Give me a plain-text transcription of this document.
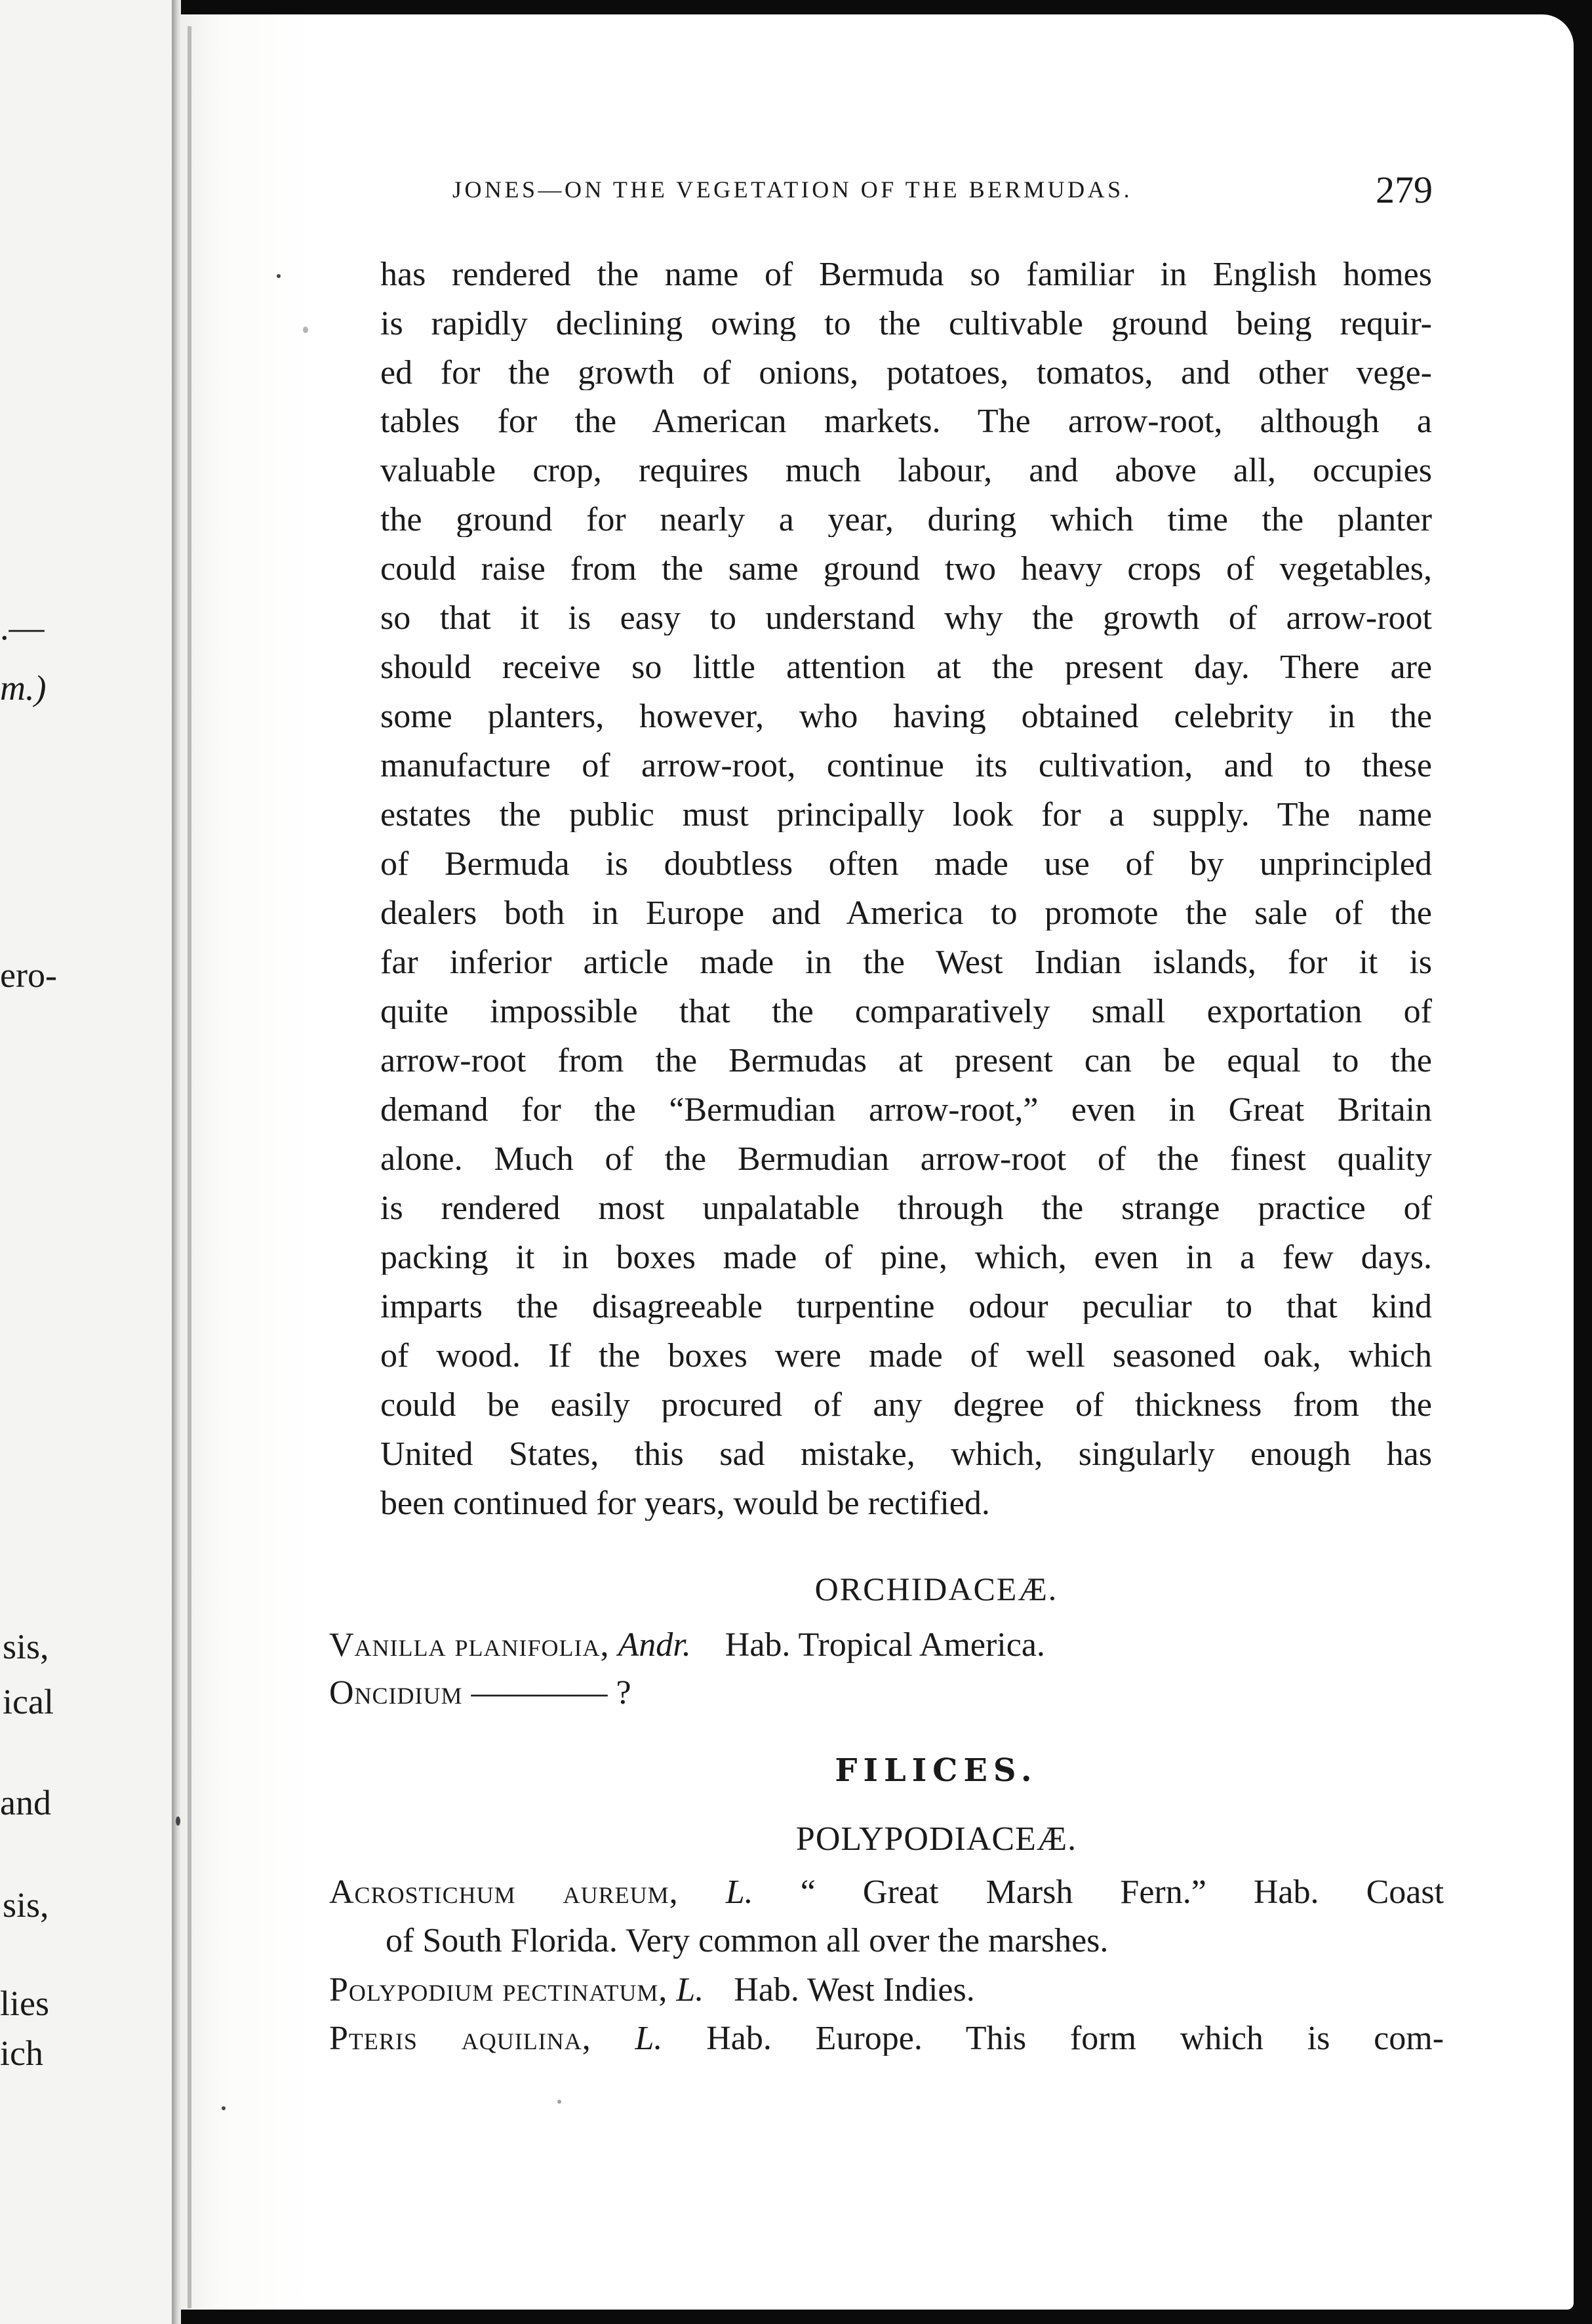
.—
m.)
ero-
sis,
ical
and
sis,
lies
ich
JONES—ON THE VEGETATION OF THE BERMUDAS.	279
has rendered the name of Bermuda so familiar in English homes
is rapidly declining owing to the cultivable ground being requir-
ed for the growth of onions, potatoes, tomatos, and other vege-
tables for the American markets. The arrow-root, although a
valuable crop, requires much labour, and above all, occupies
the ground for nearly a year, during which time the planter
could raise from the same ground two heavy crops of vegetables,
so that it is easy to understand why the growth of arrow-root
should receive so little attention at the present day. There are
some planters, however, who having obtained celebrity in the
manufacture of arrow-root, continue its cultivation, and to these
estates the public must principally look for a supply. The name
of Bermuda is doubtless often made use of by unprincipled
dealers both in Europe and America to promote the sale of the
far inferior article made in the West Indian islands, for it is
quite impossible that the comparatively small exportation of
arrow-root from the Bermudas at present can be equal to the
demand for the “Bermudian arrow-root,” even in Great Britain
alone. Much of the Bermudian arrow-root of the finest quality
is rendered most unpalatable through the strange practice of
packing it in boxes made of pine, which, even in a few days.
imparts the disagreeable turpentine odour peculiar to that kind
of wood. If the boxes were made of well seasoned oak, which
could be easily procured of any degree of thickness from the
United States, this sad mistake, which, singularly enough has
been continued for years, would be rectified.
ORCHIDACEÆ.
Vanilla planifolia, Andr. Hab. Tropical America.
Oncidium ———— ?
FILICES.
POLYPODIACEÆ.
Acrostichum aureum, L. “ Great Marsh Fern.” Hab. Coast
of South Florida. Very common all over the marshes.
Polypodium pectinatum, L. Hab. West Indies.
Pteris aquilina, L. Hab. Europe. This form which is com-
